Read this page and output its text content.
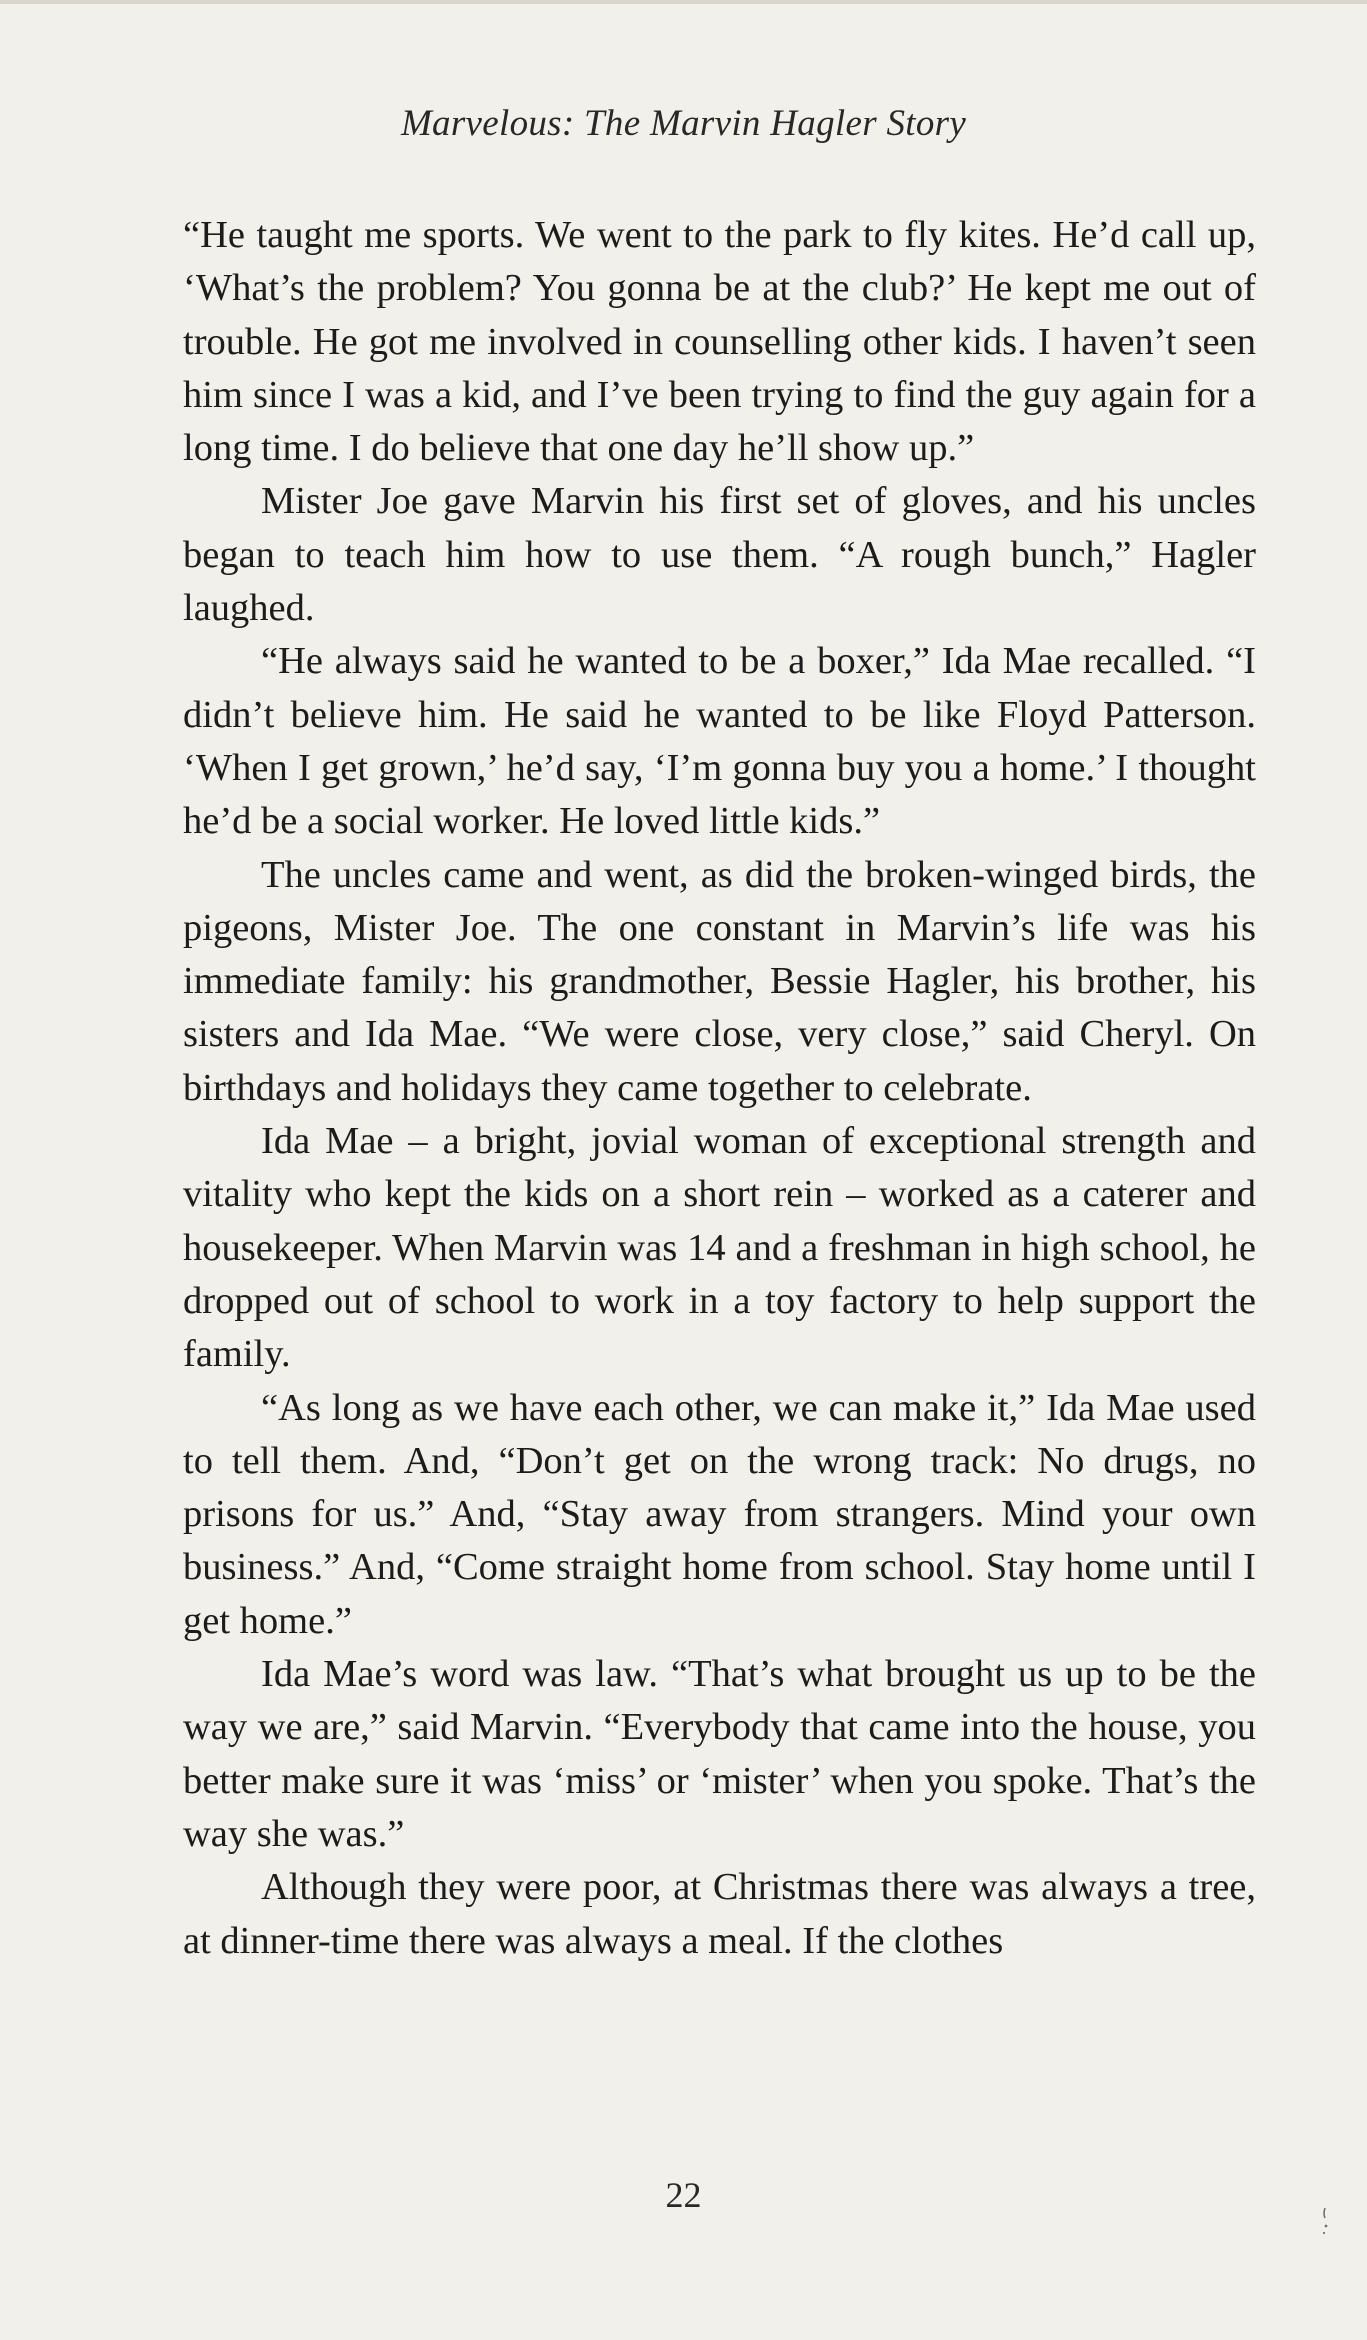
Marvelous: The Marvin Hagler Story

“He taught me sports. We went to the park to fly kites. He’d call up, ‘What’s the problem? You gonna be at the club?’ He kept me out of trouble. He got me involved in counselling other kids. I haven’t seen him since I was a kid, and I’ve been trying to find the guy again for a long time. I do believe that one day he’ll show up.”

Mister Joe gave Marvin his first set of gloves, and his uncles began to teach him how to use them. “A rough bunch,” Hagler laughed.

“He always said he wanted to be a boxer,” Ida Mae recalled. “I didn’t believe him. He said he wanted to be like Floyd Patterson. ‘When I get grown,’ he’d say, ‘I’m gonna buy you a home.’ I thought he’d be a social worker. He loved little kids.”

The uncles came and went, as did the broken-winged birds, the pigeons, Mister Joe. The one constant in Marvin’s life was his immediate family: his grandmother, Bessie Hagler, his brother, his sisters and Ida Mae. “We were close, very close,” said Cheryl. On birthdays and holidays they came together to celebrate.

Ida Mae – a bright, jovial woman of exceptional strength and vitality who kept the kids on a short rein – worked as a caterer and housekeeper. When Marvin was 14 and a freshman in high school, he dropped out of school to work in a toy factory to help support the family.

“As long as we have each other, we can make it,” Ida Mae used to tell them. And, “Don’t get on the wrong track: No drugs, no prisons for us.” And, “Stay away from strangers. Mind your own business.” And, “Come straight home from school. Stay home until I get home.”

Ida Mae’s word was law. “That’s what brought us up to be the way we are,” said Marvin. “Everybody that came into the house, you better make sure it was ‘miss’ or ‘mister’ when you spoke. That’s the way she was.”

Although they were poor, at Christmas there was always a tree, at dinner-time there was always a meal. If the clothes

22
